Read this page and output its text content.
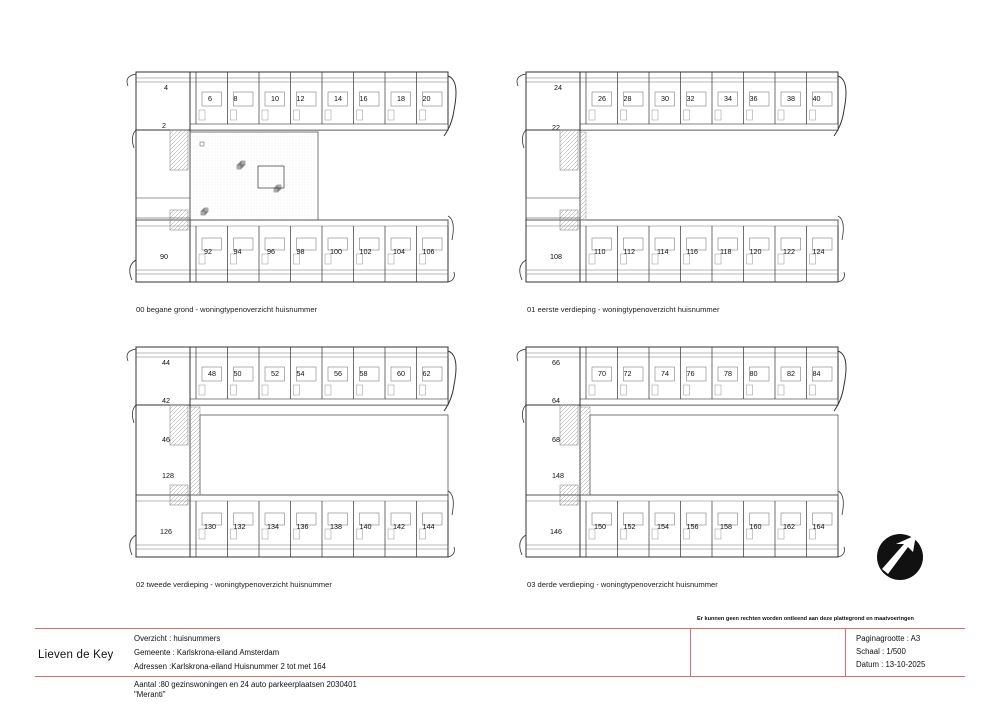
6	8	10 12	14 16	18 20
90
92	94	96	98	100 102	104 106
4
2
26 28	30 32	34 36	38 40
108
110	112	114	116	118	120	122 124
24
22
48 50	52 54	56 58	60 62
126
130 132	134 136	138 140	142 144
44
42
46
128
70 72	74 76	78 80	82 84
146
150 152	154 156	158 160	162 164
66
64
68
148
00 begane grond - woningtypenoverzicht huisnummer	01 eerste verdieping - woningtypenoverzicht huisnummer
02 tweede verdieping - woningtypenoverzicht huisnummer	03 derde verdieping - woningtypenoverzicht huisnummer
Er kunnen geen rechten worden ontleend aan deze plattegrond en maatvoeringen
Lieven de Key
Overzicht : huisnummers
Gemeente : Karlskrona-eiland Amsterdam
Adressen :Karlskrona-eiland Huisnummer 2 tot met 164
Aantal :80 gezinswoningen en 24 auto parkeerplaatsen 2030401
"Meranti"
Paginagrootte : A3
Schaal : 1/500
Datum : 13-10-2025
